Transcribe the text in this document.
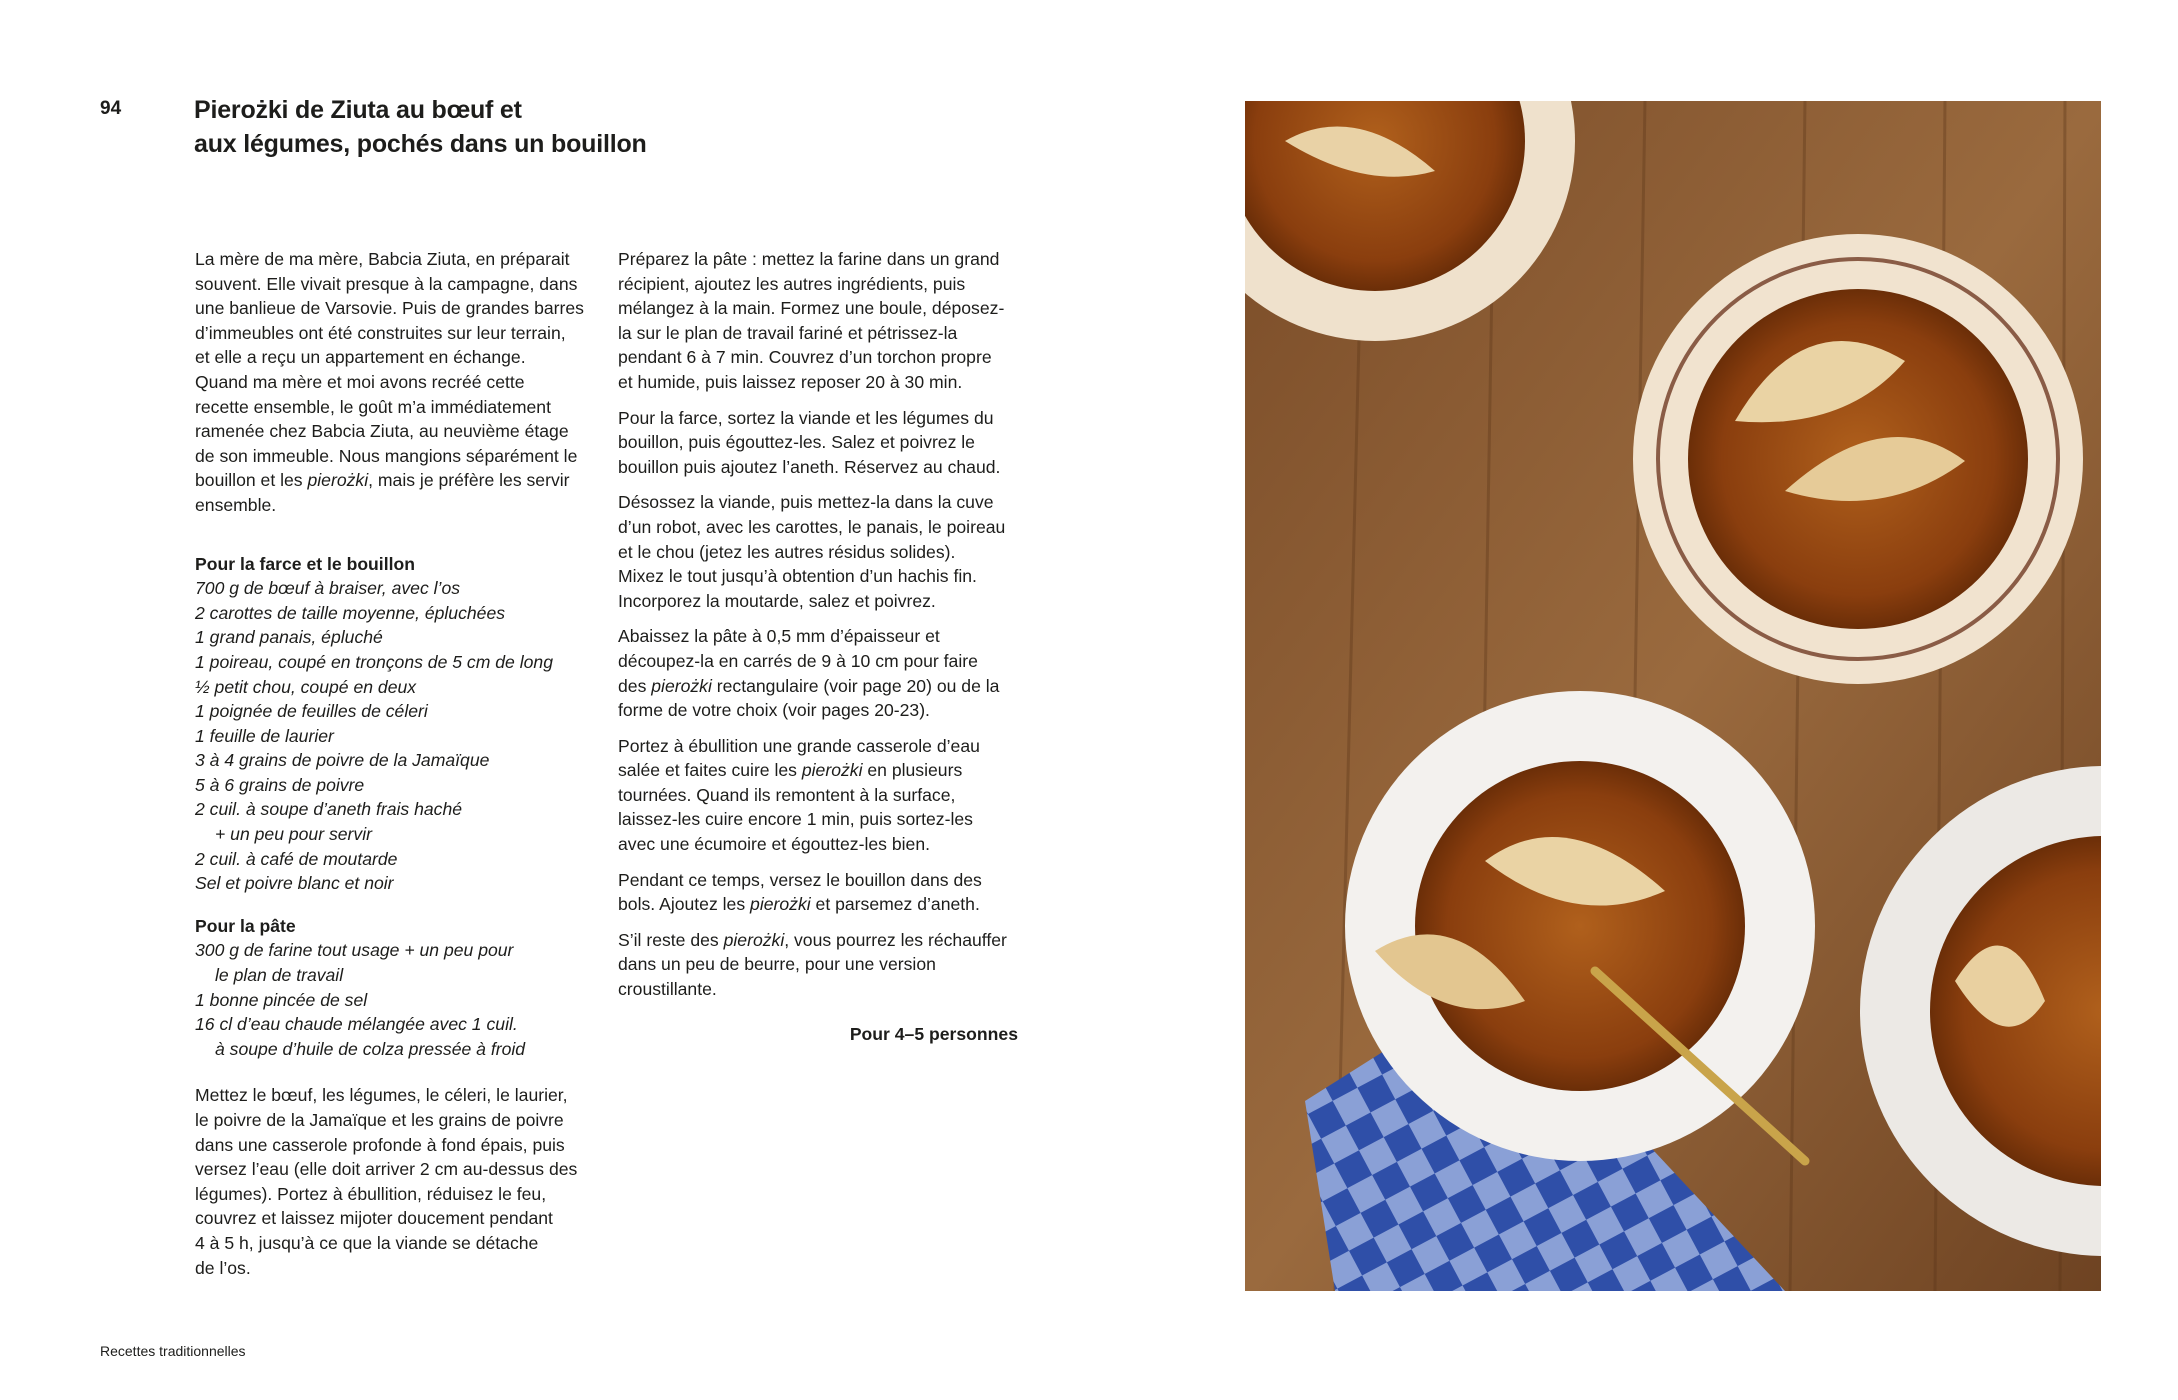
94	Pierożki de Ziuta au bœuf et
aux légumes, pochés dans un bouillon

La mère de ma mère, Babcia Ziuta, en préparait
souvent. Elle vivait presque à la campagne, dans
une banlieue de Varsovie. Puis de grandes barres
d’immeubles ont été construites sur leur terrain,
et elle a reçu un appartement en échange.
Quand ma mère et moi avons recréé cette
recette ensemble, le goût m’a immédiatement
ramenée chez Babcia Ziuta, au neuvième étage
de son immeuble. Nous mangions séparément le
bouillon et les pierożki, mais je préfère les servir
ensemble.

Pour la farce et le bouillon
700 g de bœuf à braiser, avec l’os
2 carottes de taille moyenne, épluchées
1 grand panais, épluché
1 poireau, coupé en tronçons de 5 cm de long
½ petit chou, coupé en deux
1 poignée de feuilles de céleri
1 feuille de laurier
3 à 4 grains de poivre de la Jamaïque
5 à 6 grains de poivre
2 cuil. à soupe d’aneth frais haché
+ un peu pour servir
2 cuil. à café de moutarde
Sel et poivre blanc et noir
Pour la pâte
300 g de farine tout usage + un peu pour
le plan de travail
1 bonne pincée de sel
16 cl d’eau chaude mélangée avec 1 cuil.
à soupe d’huile de colza pressée à froid

Mettez le bœuf, les légumes, le céleri, le laurier,
le poivre de la Jamaïque et les grains de poivre
dans une casserole profonde à fond épais, puis
versez l’eau (elle doit arriver 2 cm au-dessus des
légumes). Portez à ébullition, réduisez le feu,
couvrez et laissez mijoter doucement pendant
4 à 5 h, jusqu’à ce que la viande se détache
de l’os.

Préparez la pâte : mettez la farine dans un grand
récipient, ajoutez les autres ingrédients, puis
mélangez à la main. Formez une boule, déposez-
la sur le plan de travail fariné et pétrissez-la
pendant 6 à 7 min. Couvrez d’un torchon propre
et humide, puis laissez reposer 20 à 30 min.

Pour la farce, sortez la viande et les légumes du
bouillon, puis égouttez-les. Salez et poivrez le
bouillon puis ajoutez l’aneth. Réservez au chaud.

Désossez la viande, puis mettez-la dans la cuve
d’un robot, avec les carottes, le panais, le poireau
et le chou (jetez les autres résidus solides).
Mixez le tout jusqu’à obtention d’un hachis fin.
Incorporez la moutarde, salez et poivrez.

Abaissez la pâte à 0,5 mm d’épaisseur et
découpez-la en carrés de 9 à 10 cm pour faire
des pierożki rectangulaire (voir page 20) ou de la
forme de votre choix (voir pages 20-23).

Portez à ébullition une grande casserole d’eau
salée et faites cuire les pierożki en plusieurs
tournées. Quand ils remontent à la surface,
laissez-les cuire encore 1 min, puis sortez-les
avec une écumoire et égouttez-les bien.

Pendant ce temps, versez le bouillon dans des
bols. Ajoutez les pierożki et parsemez d’aneth.

S’il reste des pierożki, vous pourrez les réchauffer
dans un peu de beurre, pour une version
croustillante.

Pour 4–5 personnes

Recettes traditionnelles
